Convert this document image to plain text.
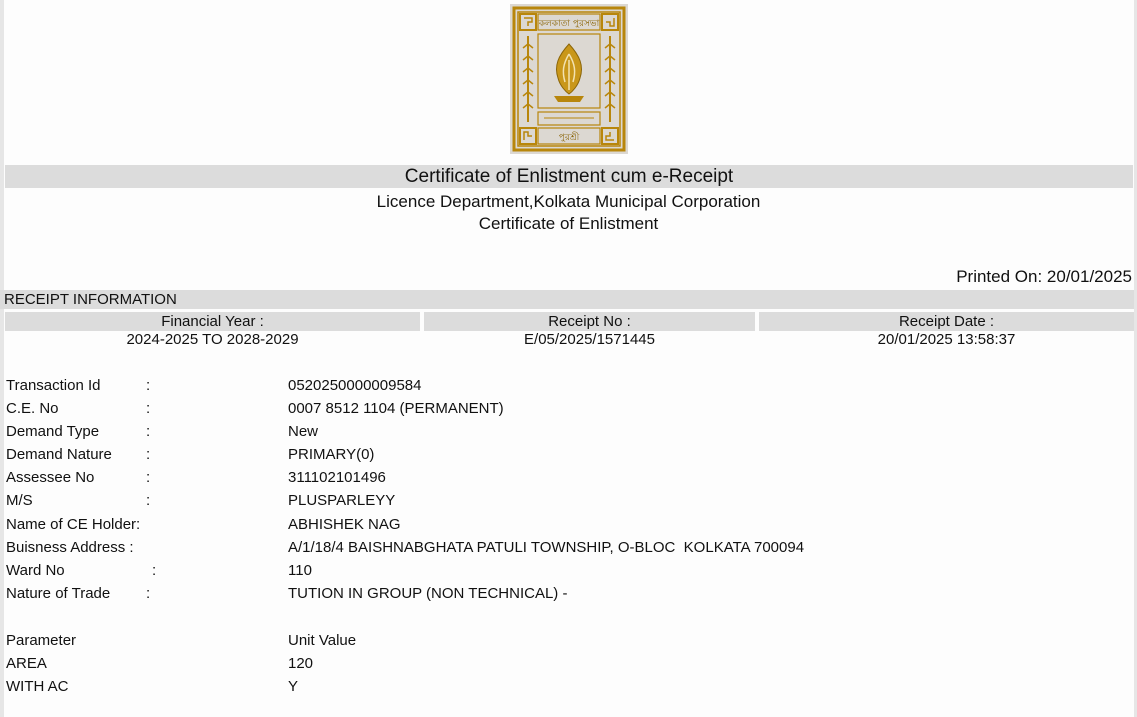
কলকাতা পুরসভা
পুরশ্রী
Certificate of Enlistment cum e-Receipt
Licence Department,Kolkata Municipal Corporation
Certificate of Enlistment
Printed On: 20/01/2025
RECEIPT INFORMATION
Financial Year :	Receipt No :	Receipt Date :
2024-2025 TO 2028-2029	E/05/2025/1571445	20/01/2025 13:58:37
Transaction Id	:	0520250000009584
C.E. No	:	0007 8512 1104 (PERMANENT)
Demand Type	:	New
Demand Nature :	PRIMARY(0)
Assessee No	:	311102101496
M/S	:	PLUSPARLEYY
Name of CE Holder:	ABHISHEK NAG
Buisness Address :	A/1/18/4 BAISHNABGHATA PATULI TOWNSHIP, O-BLOC  KOLKATA 700094
Ward No	:	110
Nature of Trade :	TUTION IN GROUP (NON TECHNICAL) -
Parameter	Unit Value
AREA	120
WITH AC	Y
